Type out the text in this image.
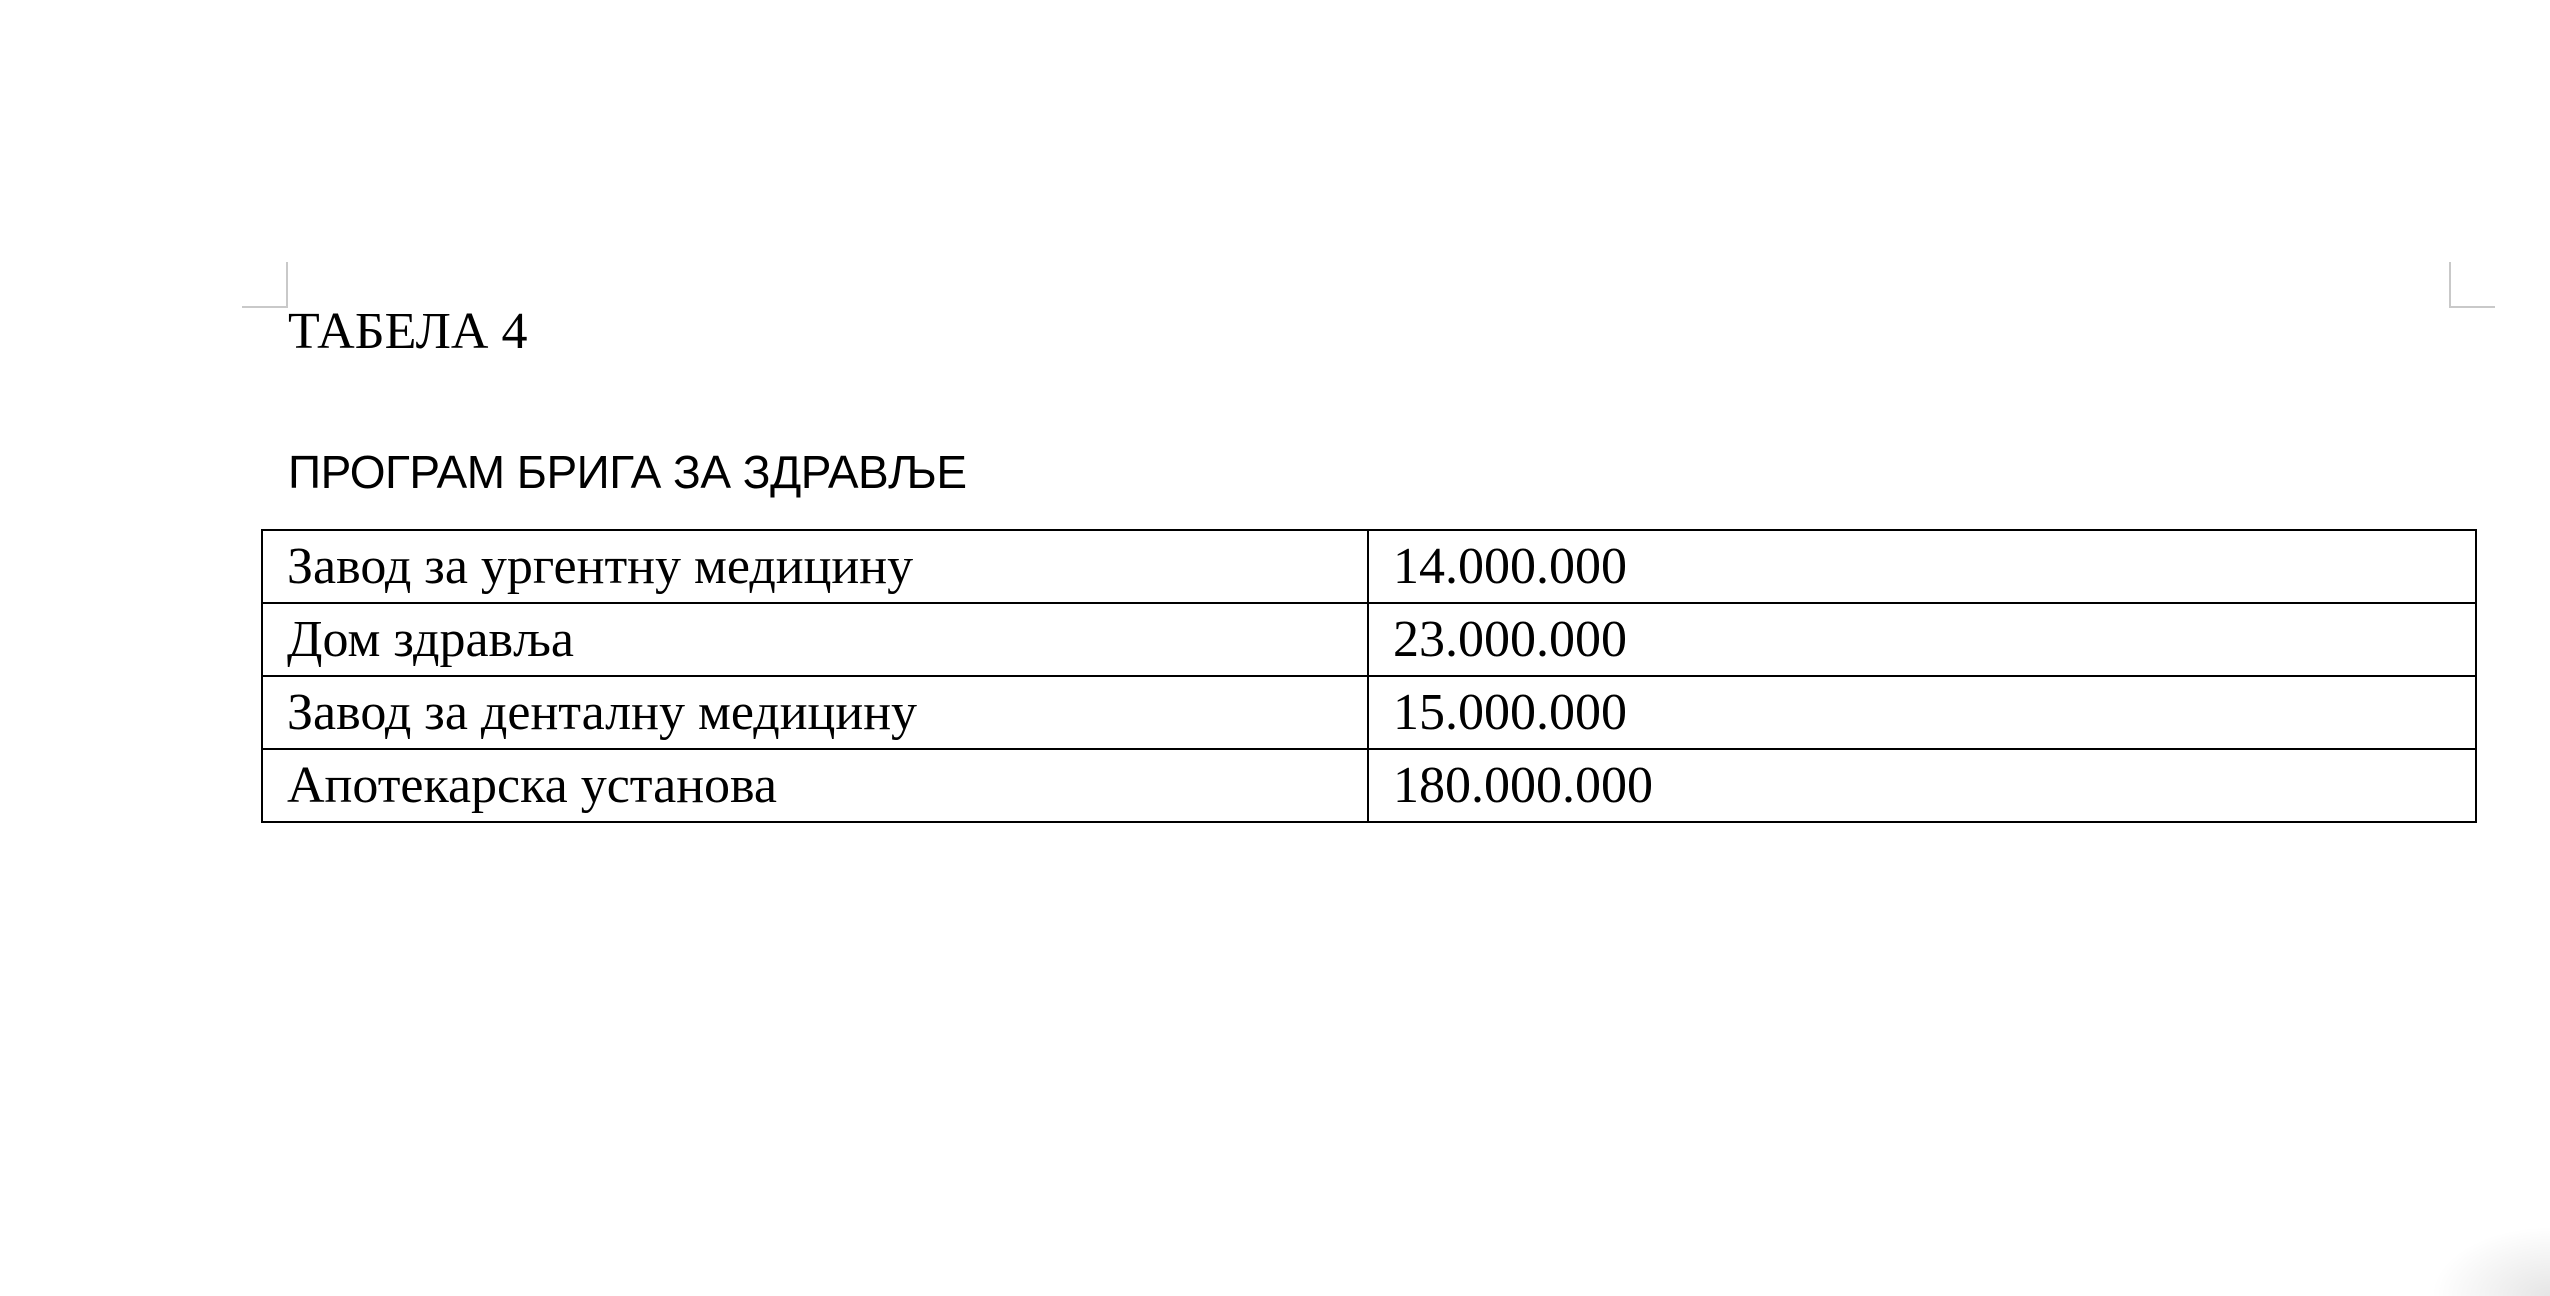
ТАБЕЛА 4
ПРОГРАМ БРИГА ЗА ЗДРАВЉЕ
Завод за ургентну медицину	14.000.000
Дом здравља	23.000.000
Завод за денталну медицину	15.000.000
Апотекарска установа	180.000.000
